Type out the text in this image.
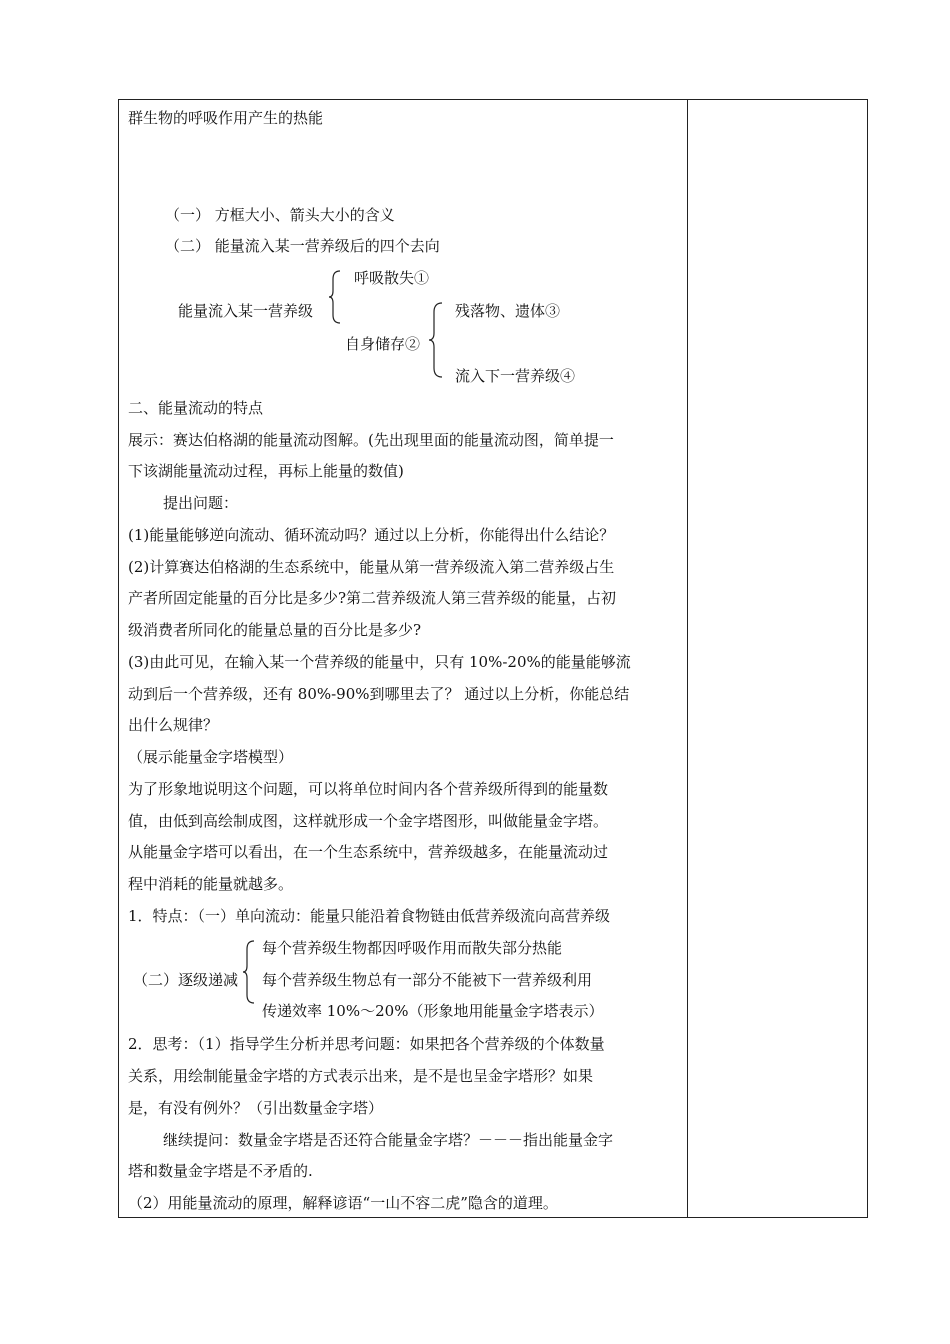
群生物的呼吸作用产生的热能
（一） 方框大小、箭头大小的含义
（二） 能量流入某一营养级后的四个去向
能量流入某一营养级
呼吸散失①
自身储存②
残落物、遗体③
流入下一营养级④
二、能量流动的特点
展示：赛达伯格湖的能量流动图解。(先出现里面的能量流动图，简单提一
下该湖能量流动过程，再标上能量的数值)
提出问题：
(1)能量能够逆向流动、循环流动吗？通过以上分析，你能得出什么结论？
(2)计算赛达伯格湖的生态系统中，能量从第一营养级流入第二营养级占生
产者所固定能量的百分比是多少?第二营养级流人第三营养级的能量，占初
级消费者所同化的能量总量的百分比是多少?
(3)由此可见，在输入某一个营养级的能量中，只有 10%-20%的能量能够流
动到后一个营养级，还有 80%-90%到哪里去了？ 通过以上分析，你能总结
出什么规律？
（展示能量金字塔模型）
为了形象地说明这个问题，可以将单位时间内各个营养级所得到的能量数
值，由低到高绘制成图，这样就形成一个金字塔图形，叫做能量金字塔。
从能量金字塔可以看出，在一个生态系统中，营养级越多，在能量流动过
程中消耗的能量就越多。
1．特点：（一）单向流动：能量只能沿着食物链由低营养级流向高营养级
每个营养级生物都因呼吸作用而散失部分热能
（二）逐级递减 每个营养级生物总有一部分不能被下一营养级利用
传递效率 10%～20%（形象地用能量金字塔表示）
2．思考：（1）指导学生分析并思考问题：如果把各个营养级的个体数量
关系，用绘制能量金字塔的方式表示出来，是不是也呈金字塔形？如果
是，有没有例外？（引出数量金字塔）
继续提问：数量金字塔是否还符合能量金字塔？－－－指出能量金字
塔和数量金字塔是不矛盾的.
（2）用能量流动的原理，解释谚语“一山不容二虎”隐含的道理。
